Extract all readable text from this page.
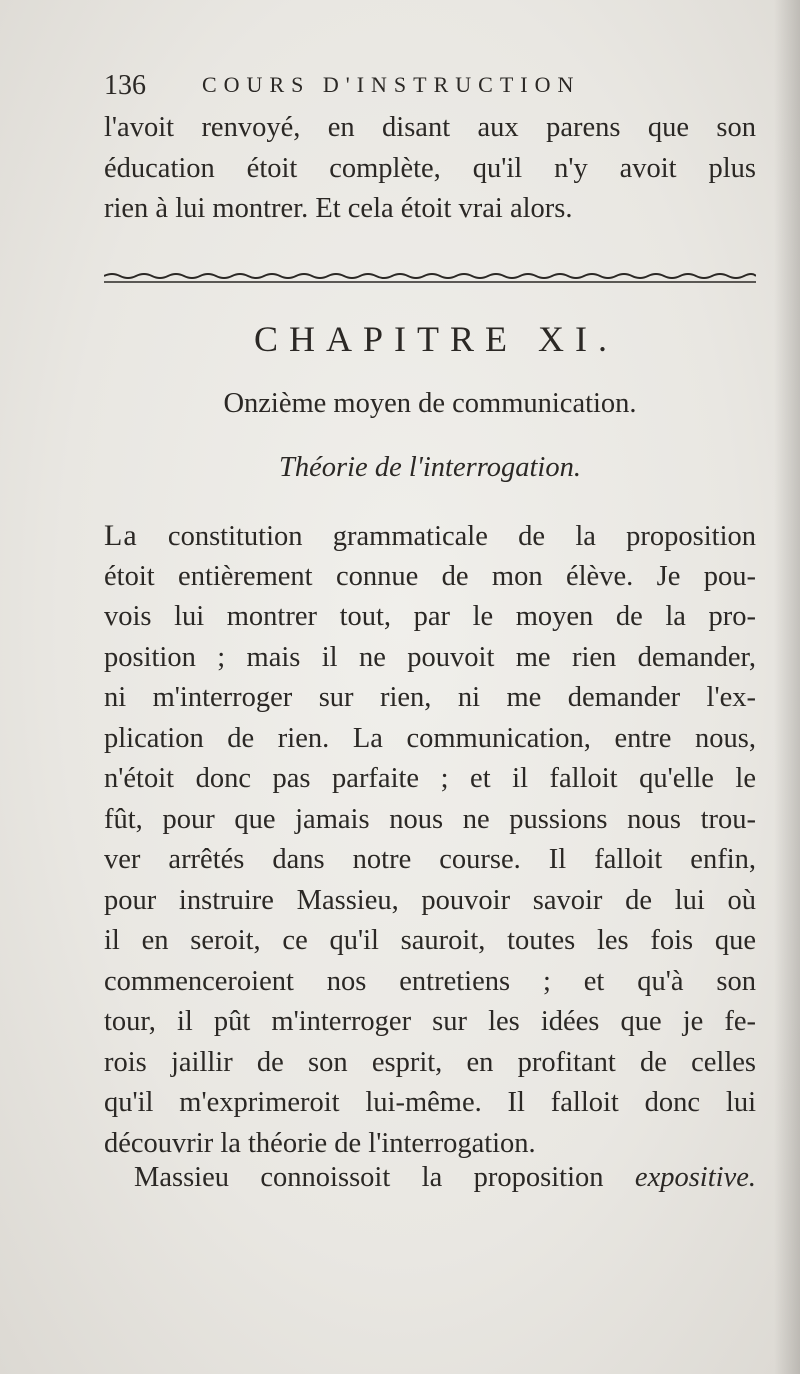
136	COURS D'INSTRUCTION
l'avoit renvoyé, en disant aux parens que son
éducation étoit complète, qu'il n'y avoit plus
rien à lui montrer. Et cela étoit vrai alors.
CHAPITRE XI.
Onzième moyen de communication.
Théorie de l'interrogation.
La constitution grammaticale de la proposition
étoit entièrement connue de mon élève. Je pou-
vois lui montrer tout, par le moyen de la pro-
position ; mais il ne pouvoit me rien demander,
ni m'interroger sur rien, ni me demander l'ex-
plication de rien. La communication, entre nous,
n'étoit donc pas parfaite ; et il falloit qu'elle le
fût, pour que jamais nous ne pussions nous trou-
ver arrêtés dans notre course. Il falloit enfin,
pour instruire Massieu, pouvoir savoir de lui où
il en seroit, ce qu'il sauroit, toutes les fois que
commenceroient nos entretiens ; et qu'à son
tour, il pût m'interroger sur les idées que je fe-
rois jaillir de son esprit, en profitant de celles
qu'il m'exprimeroit lui-même. Il falloit donc lui
découvrir la théorie de l'interrogation.
Massieu connoissoit la proposition expositive.
